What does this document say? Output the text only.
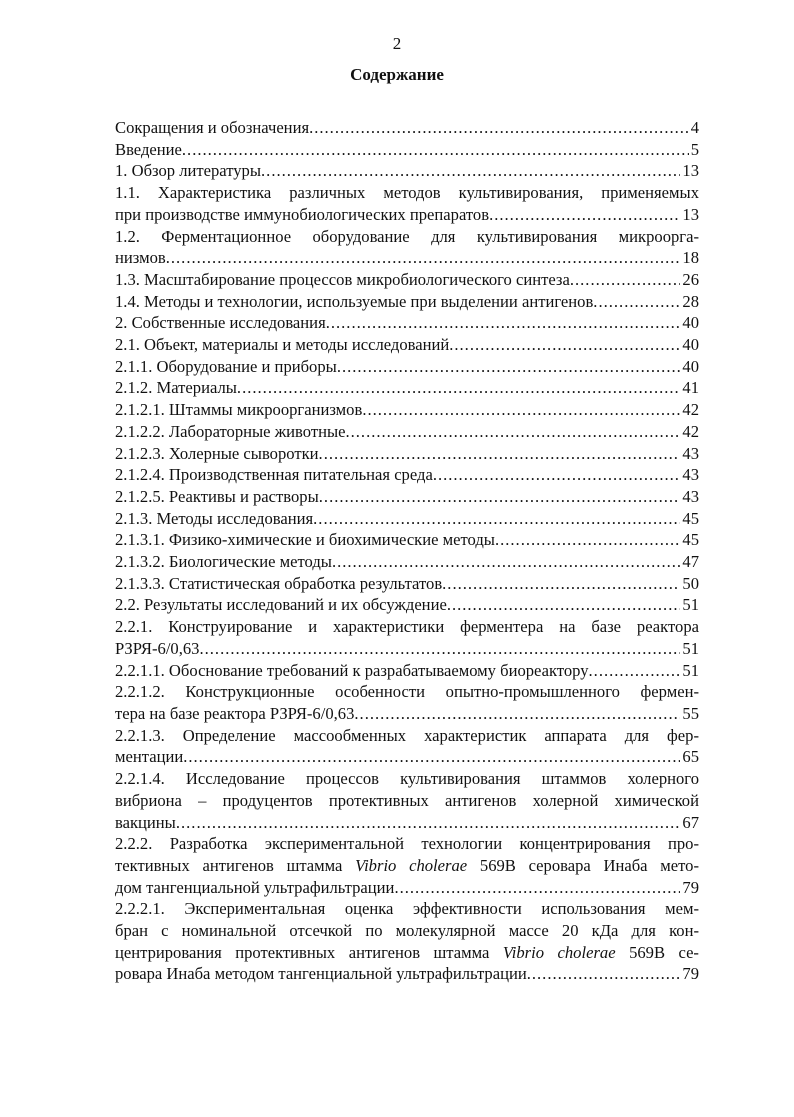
2
Содержание
Сокращения и обозначения .....	4
Введение .....	5
1. Обзор литературы .....	13
1.1. Характеристика различных методов культивирования, применяемых
при производстве иммунобиологических препаратов .....	13
1.2. Ферментационное оборудование для культивирования микроорга-
низмов .....	18
1.3. Масштабирование процессов микробиологического синтеза .....	26
1.4. Методы и технологии, используемые при выделении антигенов .....	28
2. Собственные исследования .....	40
2.1. Объект, материалы и методы исследований .....	40
2.1.1. Оборудование и приборы .....	40
2.1.2. Материалы .....	41
2.1.2.1. Штаммы микроорганизмов .....	42
2.1.2.2. Лабораторные животные .....	42
2.1.2.3. Холерные сыворотки .....	43
2.1.2.4. Производственная питательная среда .....	43
2.1.2.5. Реактивы и растворы .....	43
2.1.3. Методы исследования .....	45
2.1.3.1. Физико-химические и биохимические методы .....	45
2.1.3.2. Биологические методы .....	47
2.1.3.3. Статистическая обработка результатов .....	50
2.2. Результаты исследований и их обсуждение .....	51
2.2.1. Конструирование и характеристики ферментера на базе реактора
РЗРЯ-6/0,63 .....	51
2.2.1.1. Обоснование требований к разрабатываемому биореактору .....	51
2.2.1.2. Конструкционные особенности опытно-промышленного фермен-
тера на базе реактора РЗРЯ-6/0,63 .....	55
2.2.1.3. Определение массообменных характеристик аппарата для фер-
ментации .....	65
2.2.1.4. Исследование процессов культивирования штаммов холерного
вибриона – продуцентов протективных антигенов холерной химической
вакцины .....	67
2.2.2. Разработка экспериментальной технологии концентрирования про-
тективных антигенов штамма Vibrio cholerae 569В серовара Инаба мето-
дом тангенциальной ультрафильтрации .....	79
2.2.2.1. Экспериментальная оценка эффективности использования мем-
бран с номинальной отсечкой по молекулярной массе 20 кДа для кон-
центрирования протективных антигенов штамма Vibrio cholerae 569В се-
ровара Инаба методом тангенциальной ультрафильтрации .....	79
